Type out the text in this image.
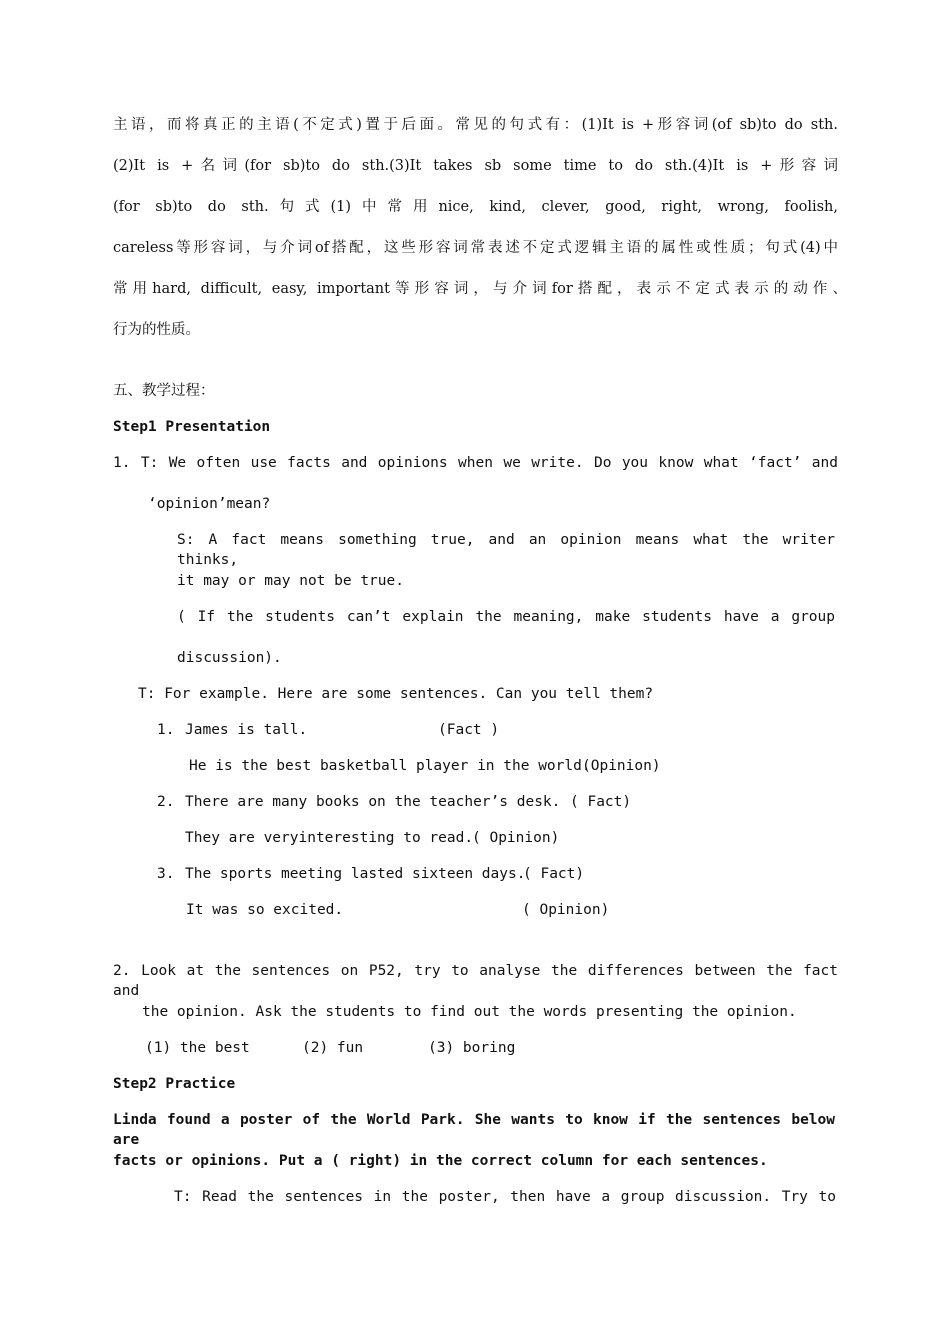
主语，而将真正的主语(不定式)置于后面。常见的句式有：(1)It is +形容词(of sb)to do sth.
(2)It is +名词(for sb)to do sth.(3)It takes sb some time to do sth.(4)It is +形容词
(for sb)to do sth.句式(1)中常用nice, kind, clever, good, right, wrong, foolish,
careless等形容词，与介词of搭配，这些形容词常表述不定式逻辑主语的属性或性质；句式(4)中
常用hard, difficult, easy, important等形容词，与介词for搭配，表示不定式表示的动作、
行为的性质。
五、教学过程：
Step1 Presentation
1. T: We often use facts and opinions when we write. Do you know what ‘fact’ and
‘opinion’mean?
S: A fact means something true, and an opinion means what the writer thinks,
it may or may not be true.
( If the students can’t explain the meaning, make students have a group
discussion).
T: For example. Here are some sentences. Can you tell them?
1. James is tall.	(Fact )
He is the best basketball player in the world.
(Opinion)
2. There are many books on the teacher’s desk. ( Fact)
They are veryinteresting to read.
( Opinion)
3. The sports meeting lasted sixteen days.
( Fact)
It was so excited.	( Opinion)
2. Look at the sentences on P52, try to analyse the differences between the fact and
the opinion. Ask the students to find out the words presenting the opinion.
(1) the best	(2) fun	(3) boring
Step2 Practice
Linda found a poster of the World Park. She wants to know if the sentences below are
facts or opinions. Put a ( right) in the correct column for each sentences.
T: Read the sentences in the poster, then have a group discussion. Try to
